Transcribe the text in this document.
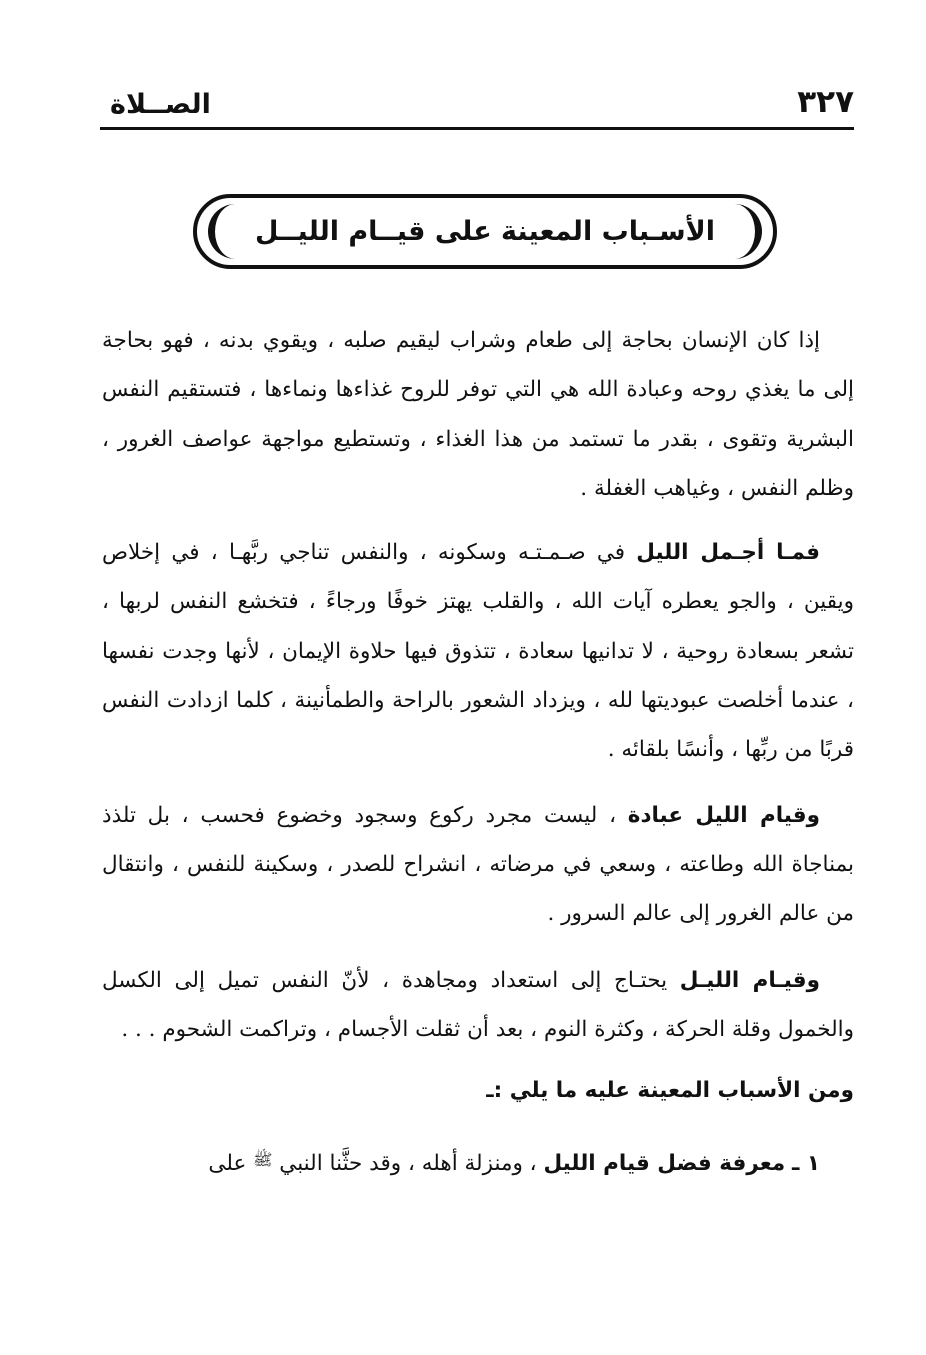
٣٢٧
الصــلاة
الأسـباب المعينة على قيــام الليــل

إذا كان الإنسان بحاجة إلى طعام وشراب ليقيم صلبه ، ويقوي بدنه ، فهو بحاجة إلى ما يغذي روحه وعبادة الله هي التي توفر للروح غذاءها ونماءها ، فتستقيم النفس البشرية وتقوى ، بقدر ما تستمد من هذا الغذاء ، وتستطيع مواجهة عواصف الغرور ، وظلم النفس ، وغياهب الغفلة .

فمـا أجـمل الليل في صـمـتـه وسكونه ، والنفس تناجي ربَّهـا ، في إخلاص ويقين ، والجو يعطره آيات الله ، والقلب يهتز خوفًا ورجاءً ، فتخشع النفس لربها ، تشعر بسعادة روحية ، لا تدانيها سعادة ، تتذوق فيها حلاوة الإيمان ، لأنها وجدت نفسها ، عندما أخلصت عبوديتها لله ، ويزداد الشعور بالراحة والطمأنينة ، كلما ازدادت النفس قربًا من ربِّها ، وأنسًا بلقائه .

وقيام الليل عبادة ، ليست مجرد ركوع وسجود وخضوع فحسب ، بل تلذذ بمناجاة الله وطاعته ، وسعي في مرضاته ، انشراح للصدر ، وسكينة للنفس ، وانتقال من عالم الغرور إلى عالم السرور .

وقيـام الليـل يحتـاج إلى استعداد ومجاهدة ، لأنّ النفس تميل إلى الكسل والخمول وقلة الحركة ، وكثرة النوم ، بعد أن ثقلت الأجسام ، وتراكمت الشحوم . . .

ومن الأسباب المعينة عليه ما يلي :ـ

١ ـ معرفة فضل قيام الليل ، ومنزلة أهله ، وقد حثَّنا النبي $^ﷺ$ على
